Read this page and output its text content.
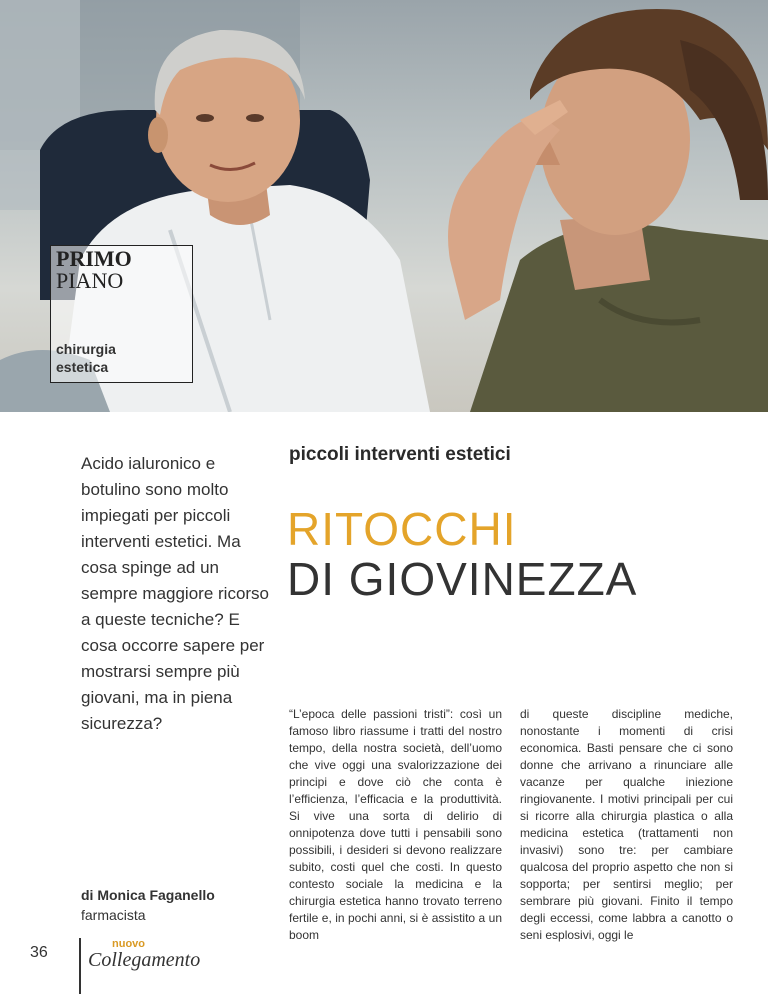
PRIMO
PIANO
chirurgia
estetica
Acido ialuronico e botulino sono molto impiegati per piccoli interventi estetici. Ma cosa spinge ad un sempre maggiore ricorso a queste tecniche? E cosa occorre sapere per mostrarsi sempre più giovani, ma in piena sicurezza?
di Monica Faganello
farmacista
piccoli interventi estetici
RITOCCHI
DI GIOVINEZZA
“L’epoca delle passioni tristi”: così un famoso libro riassume i tratti del nostro tempo, della nostra società, dell’uomo che vive oggi una svalorizzazione dei principi e dove ciò che conta è l’efficienza, l’efficacia e la produttività. Si vive una sorta di delirio di onnipotenza dove tutti i pensabili sono possibili, i desideri si devono realizzare subito, costi quel che costi. In questo contesto sociale la medicina e la chirurgia estetica hanno trovato terreno fertile e, in pochi anni, si è assistito a un boom
di queste discipline mediche, nonostante i momenti di crisi economica. Basti pensare che ci sono donne che arrivano a rinunciare alle vacanze per qualche iniezione ringiovanente. I motivi principali per cui si ricorre alla chirurgia plastica o alla medicina estetica (trattamenti non invasivi) sono tre: per cambiare qualcosa del proprio aspetto che non si sopporta; per sentirsi meglio; per sembrare più giovani. Finito il tempo degli eccessi, come labbra a canotto o seni esplosivi, oggi le
36	nuovo
Collegamento
